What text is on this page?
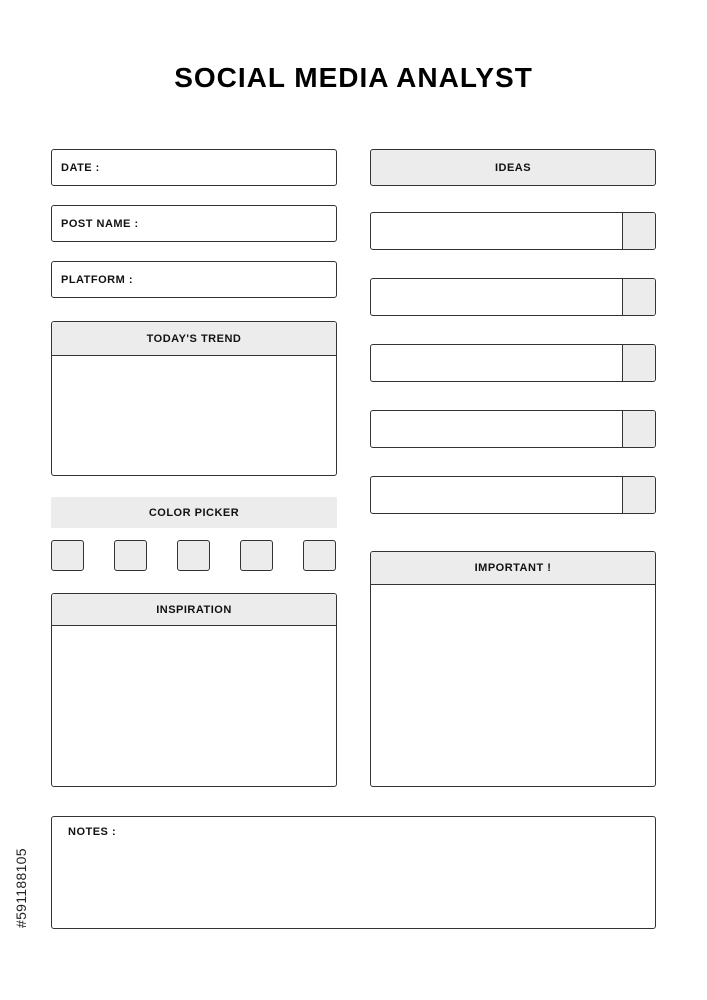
SOCIAL MEDIA ANALYST
DATE :
POST NAME :
PLATFORM :
TODAY'S TREND
COLOR PICKER
INSPIRATION
IDEAS
IMPORTANT !
NOTES :
#591188105
